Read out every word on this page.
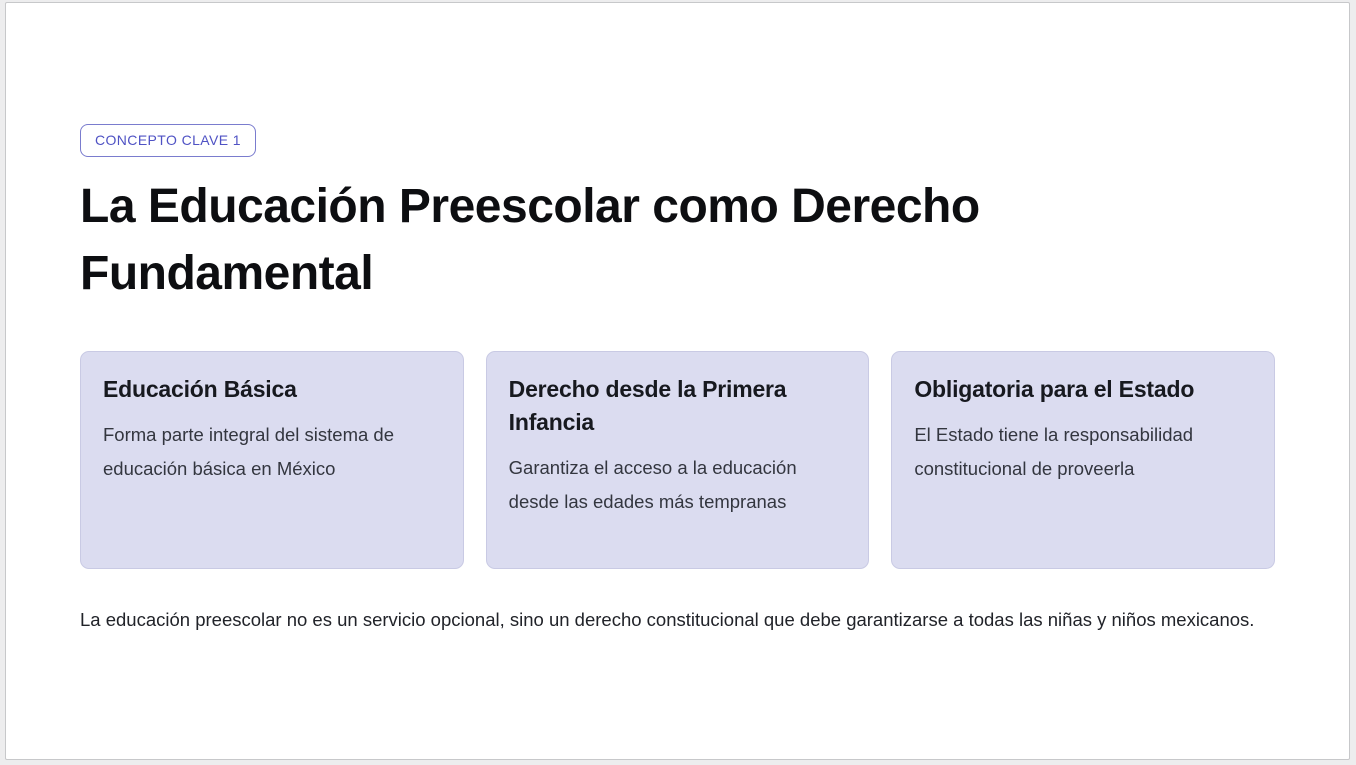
CONCEPTO CLAVE 1
La Educación Preescolar como Derecho Fundamental
Educación Básica
Forma parte integral del sistema de educación básica en México
Derecho desde la Primera Infancia
Garantiza el acceso a la educación desde las edades más tempranas
Obligatoria para el Estado
El Estado tiene la responsabilidad constitucional de proveerla

La educación preescolar no es un servicio opcional, sino un derecho constitucional que debe garantizarse a todas las niñas y niños mexicanos.
